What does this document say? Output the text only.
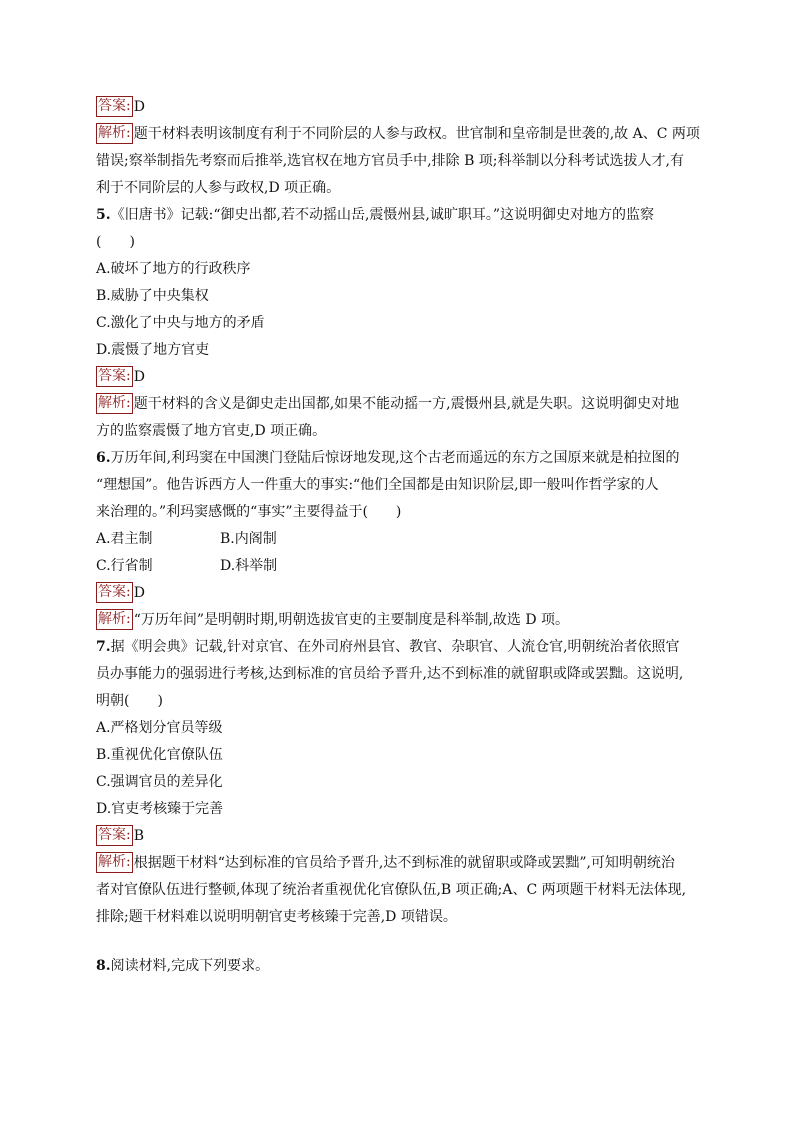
答案: D
解析: 题干材料表明该制度有利于不同阶层的人参与政权。世官制和皇帝制是世袭的,故 A、C 两项
错误;察举制指先考察而后推举,选官权在地方官员手中,排除 B 项;科举制以分科考试选拔人才,有
利于不同阶层的人参与政权,D 项正确。
5.《旧唐书》记载:“御史出都,若不动摇山岳,震慑州县,诚旷职耳。”这说明御史对地方的监察
(　　)
A.破坏了地方的行政秩序
B.威胁了中央集权
C.激化了中央与地方的矛盾
D.震慑了地方官吏
答案: D
解析: 题干材料的含义是御史走出国都,如果不能动摇一方,震慑州县,就是失职。这说明御史对地
方的监察震慑了地方官吏,D 项正确。
6.万历年间,利玛窦在中国澳门登陆后惊讶地发现,这个古老而遥远的东方之国原来就是柏拉图的
“理想国”。他告诉西方人一件重大的事实:“他们全国都是由知识阶层,即一般叫作哲学家的人
来治理的。”利玛窦感慨的“事实”主要得益于(　　)
A.君主制	B.内阁制
C.行省制	D.科举制
答案: D
解析: “万历年间”是明朝时期,明朝选拔官吏的主要制度是科举制,故选 D 项。
7.据《明会典》记载,针对京官、在外司府州县官、教官、杂职官、人流仓官,明朝统治者依照官
员办事能力的强弱进行考核,达到标准的官员给予晋升,达不到标准的就留职或降或罢黜。这说明,
明朝(　　)
A.严格划分官员等级
B.重视优化官僚队伍
C.强调官员的差异化
D.官吏考核臻于完善
答案: B
解析: 根据题干材料“达到标准的官员给予晋升,达不到标准的就留职或降或罢黜”,可知明朝统治
者对官僚队伍进行整顿,体现了统治者重视优化官僚队伍,B 项正确;A、C 两项题干材料无法体现,
排除;题干材料难以说明明朝官吏考核臻于完善,D 项错误。
8.阅读材料,完成下列要求。
